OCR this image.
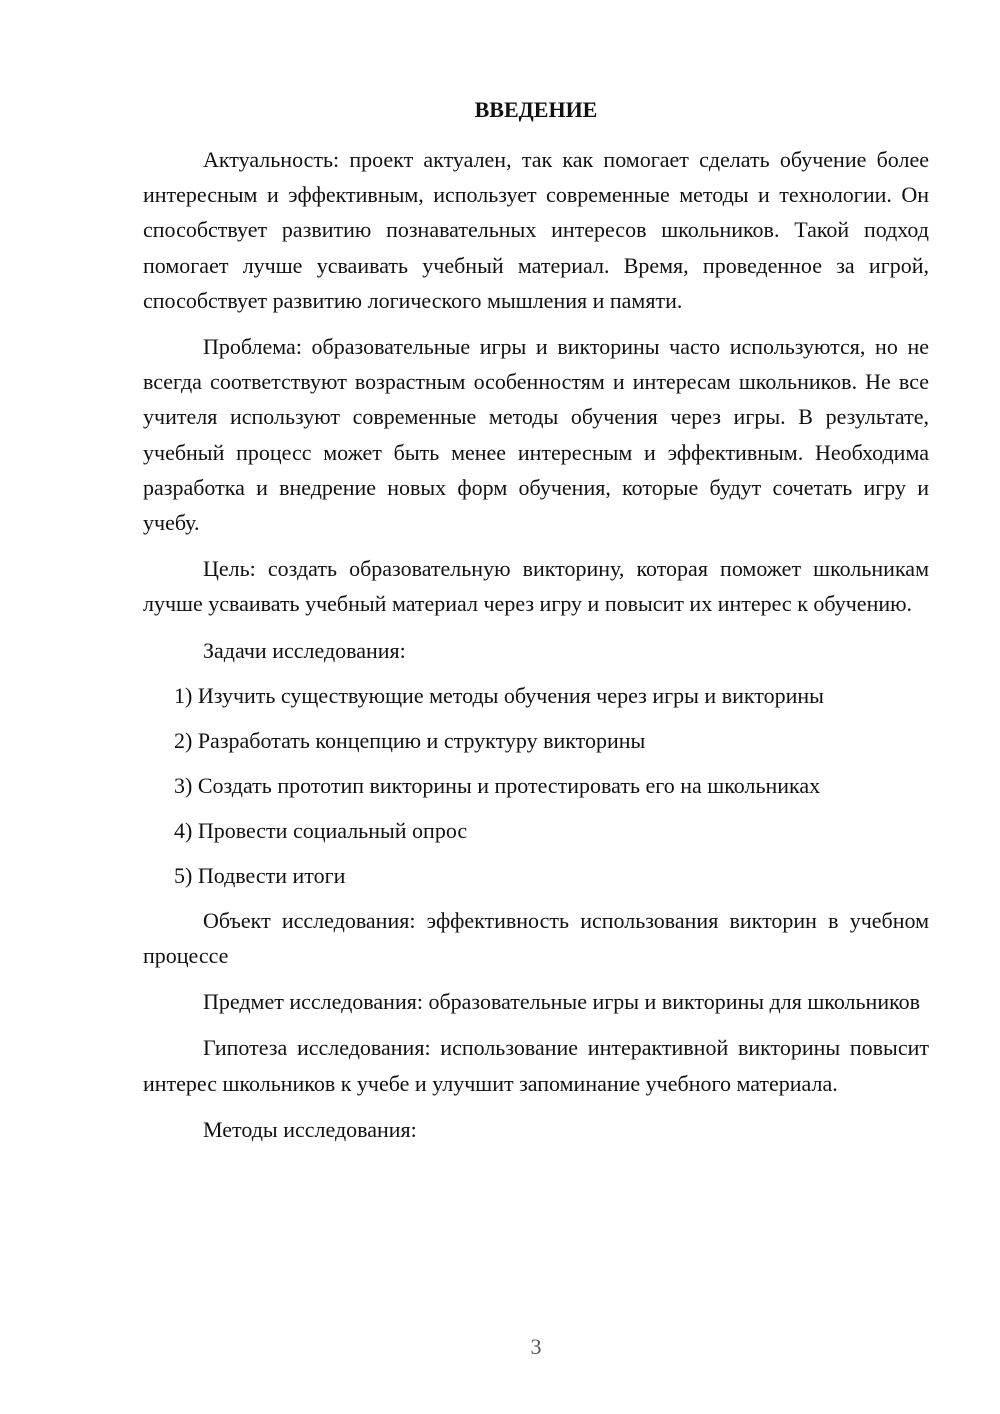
ВВЕДЕНИЕ

Актуальность: проект актуален, так как помогает сделать обучение более интересным и эффективным, использует современные методы и технологии. Он способствует развитию познавательных интересов школьников. Такой подход помогает лучше усваивать учебный материал. Время, проведенное за игрой, способствует развитию логического мышления и памяти.

Проблема: образовательные игры и викторины часто используются, но не всегда соответствуют возрастным особенностям и интересам школьников. Не все учителя используют современные методы обучения через игры. В результате, учебный процесс может быть менее интересным и эффективным. Необходима разработка и внедрение новых форм обучения, которые будут сочетать игру и учебу.

Цель: создать образовательную викторину, которая поможет школьникам лучше усваивать учебный материал через игру и повысит их интерес к обучению.

Задачи исследования:
1) Изучить существующие методы обучения через игры и викторины
2) Разработать концепцию и структуру викторины
3) Создать прототип викторины и протестировать его на школьниках
4) Провести социальный опрос
5) Подвести итоги

Объект исследования: эффективность использования викторин в учебном процессе

Предмет исследования: образовательные игры и викторины для школьников

Гипотеза исследования: использование интерактивной викторины повысит интерес школьников к учебе и улучшит запоминание учебного материала.

Методы исследования:

3
